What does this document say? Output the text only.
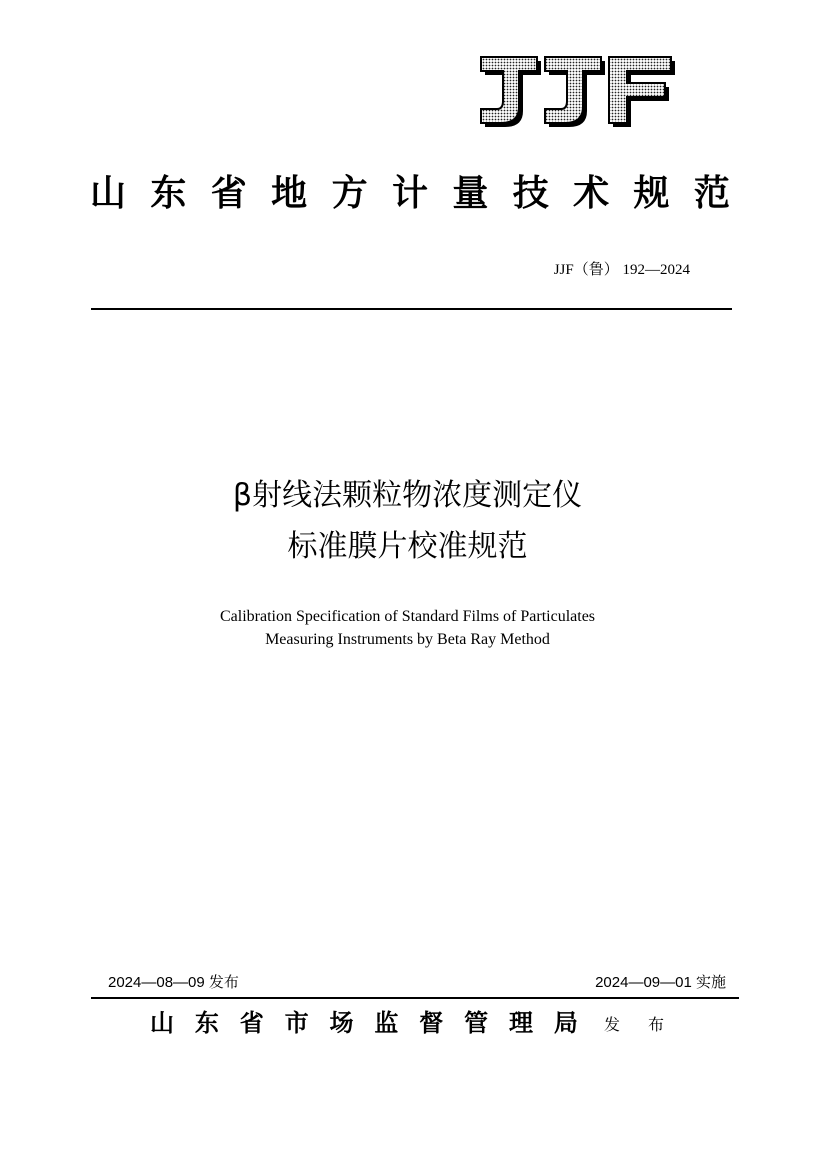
山 东 省 地 方 计 量 技 术 规 范
JJF（鲁） 192—2024
β射线法颗粒物浓度测定仪
标准膜片校准规范
Calibration Specification of Standard Films of Particulates
Measuring Instruments by Beta Ray Method
2024—08—09 发布	2024—09—01 实施
山 东 省 市 场 监 督 管 理 局 发 布
